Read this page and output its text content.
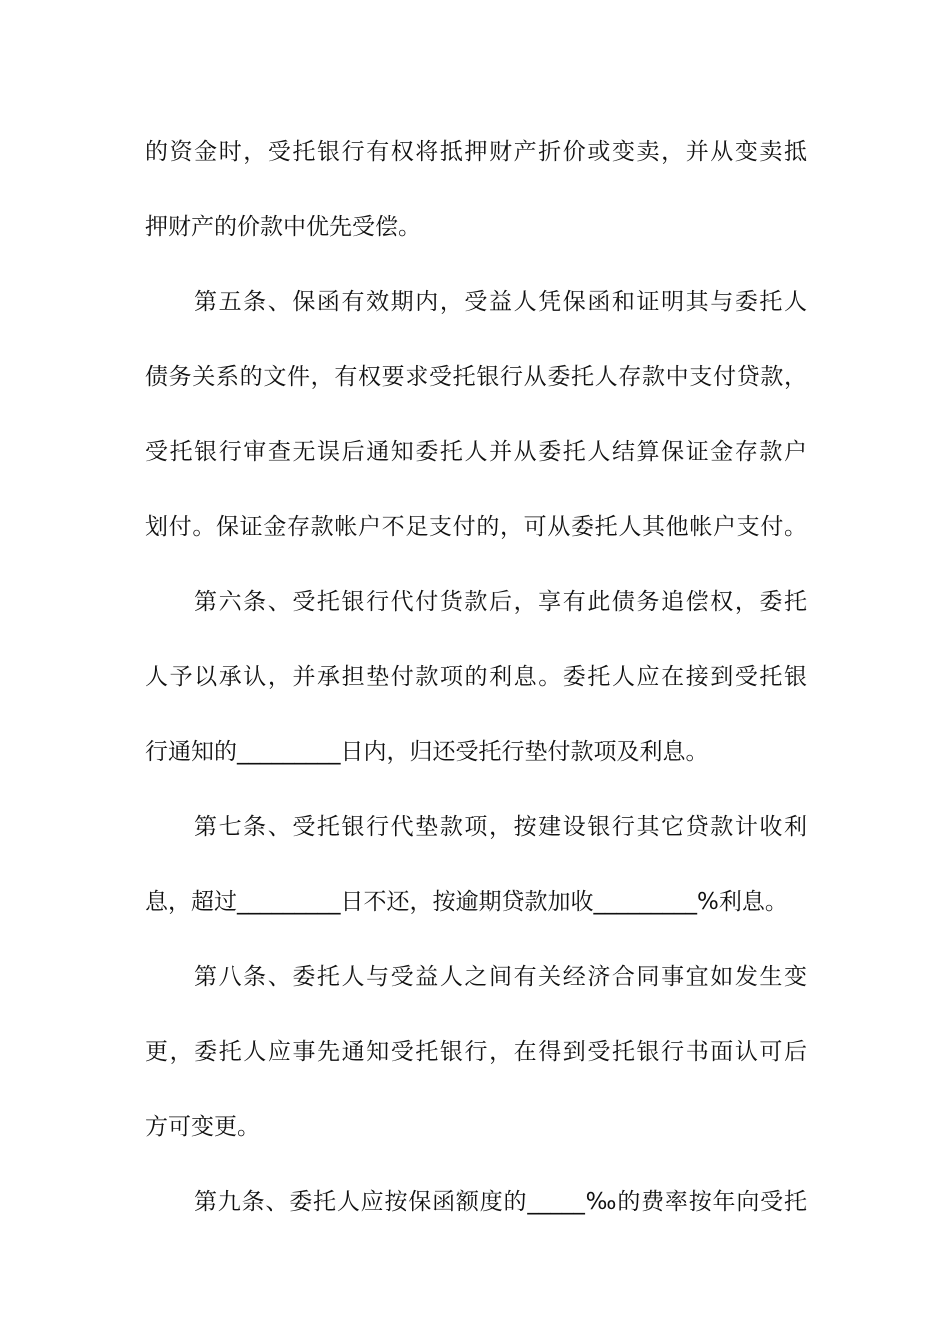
的资金时，受托银行有权将抵押财产折价或变卖，并从变卖抵
押财产的价款中优先受偿。
第五条、保函有效期内，受益人凭保函和证明其与委托人
债务关系的文件，有权要求受托银行从委托人存款中支付贷款，
受托银行审查无误后通知委托人并从委托人结算保证金存款户
划付。保证金存款帐户不足支付的，可从委托人其他帐户支付。
第六条、受托银行代付货款后，享有此债务追偿权，委托
人予以承认，并承担垫付款项的利息。委托人应在接到受托银
行通知的_________日内，归还受托行垫付款项及利息。
第七条、受托银行代垫款项，按建设银行其它贷款计收利
息，超过_________日不还，按逾期贷款加收_________%利息。
第八条、委托人与受益人之间有关经济合同事宜如发生变
更，委托人应事先通知受托银行，在得到受托银行书面认可后
方可变更。
第九条、委托人应按保函额度的_____‰的费率按年向受托
